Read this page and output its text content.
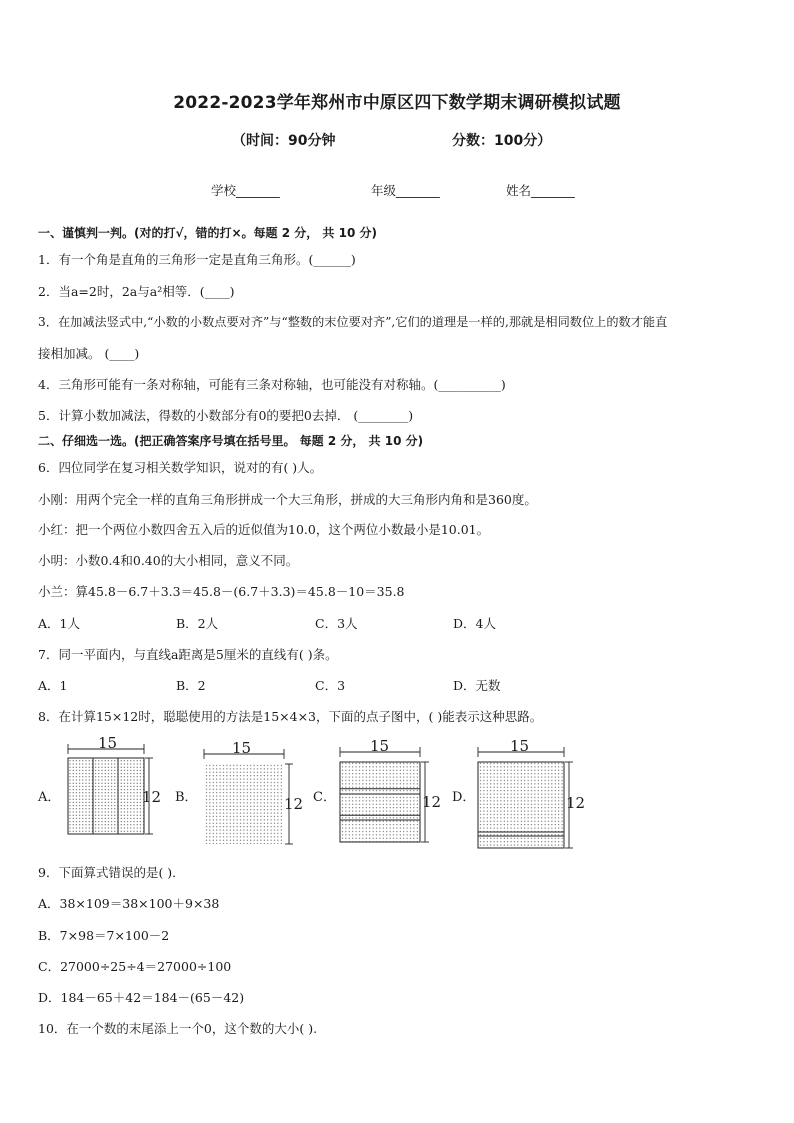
2022-2023学年郑州市中原区四下数学期末调研模拟试题
（时间：90分钟	分数：100分）
学校_______	年级_______	姓名_______
一、谨慎判一判。(对的打√，错的打×。每题 2 分， 共 10 分)
1．有一个角是直角的三角形一定是直角三角形。(______)
2．当a=2时，2a与a²相等．(____)
3．在加减法竖式中,“小数的小数点要对齐”与“整数的末位要对齐”,它们的道理是一样的,那就是相同数位上的数才能直
接相加减。 (____)
4．三角形可能有一条对称轴，可能有三条对称轴，也可能没有对称轴。(__________)
5．计算小数加减法，得数的小数部分有0的要把0去掉． (________)
二、仔细选一选。(把正确答案序号填在括号里。 每题 2 分， 共 10 分)
6．四位同学在复习相关数学知识，说对的有( )人。
小刚：用两个完全一样的直角三角形拼成一个大三角形，拼成的大三角形内角和是360度。
小红：把一个两位小数四舍五入后的近似值为10.0，这个两位小数最小是10.01。
小明：小数0.4和0.40的大小相同，意义不同。
小兰：算45.8－6.7＋3.3＝45.8－(6.7＋3.3)＝45.8－10＝35.8
A．1人	B．2人	C．3人	D．4人
7．同一平面内，与直线a距离是5厘米的直线有( )条。
A．1	B．2	C．3	D．无数
8．在计算15×12时，聪聪使用的方法是15×4×3，下面的点子图中，( )能表示这种思路。
A．
15
12 B．
15
12 C．
15
12 D．
15
12
9．下面算式错误的是( )．
A．38×109＝38×100＋9×38
B．7×98＝7×100－2
C．27000÷25÷4＝27000÷100
D．184－65＋42＝184－(65－42)
10．在一个数的末尾添上一个0，这个数的大小( ).
